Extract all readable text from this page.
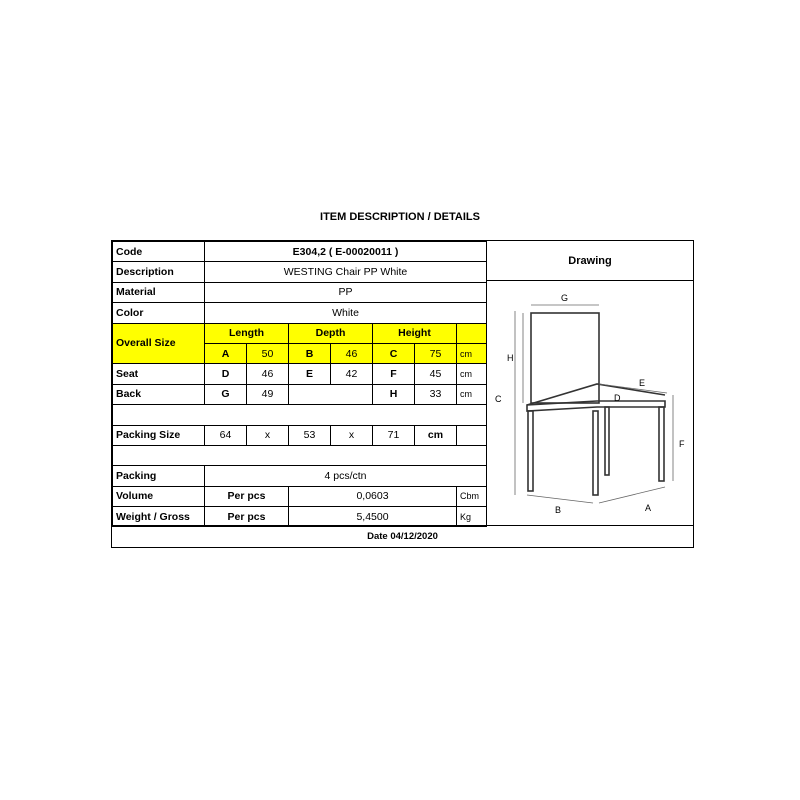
ITEM DESCRIPTION / DETAILS
Code	E304,2 ( E-00020011 )						
Description	WESTING Chair PP White						
Material	PP						
Color	White						
Overall Size	Length		Depth		Height		
	A	50	B	46	C	75	cm
Seat	D	46	E	42	F	45	cm
Back	G	49			H	33	cm

Packing Size	64	x	53	x	71	cm	

Packing	4 pcs/ctn						
Volume	Per pcs		0,0603				Cbm
Weight / Gross	Per pcs		5,4500				Kg
Drawing
G
H
C
E
D
F
B	A
Date 04/12/2020
